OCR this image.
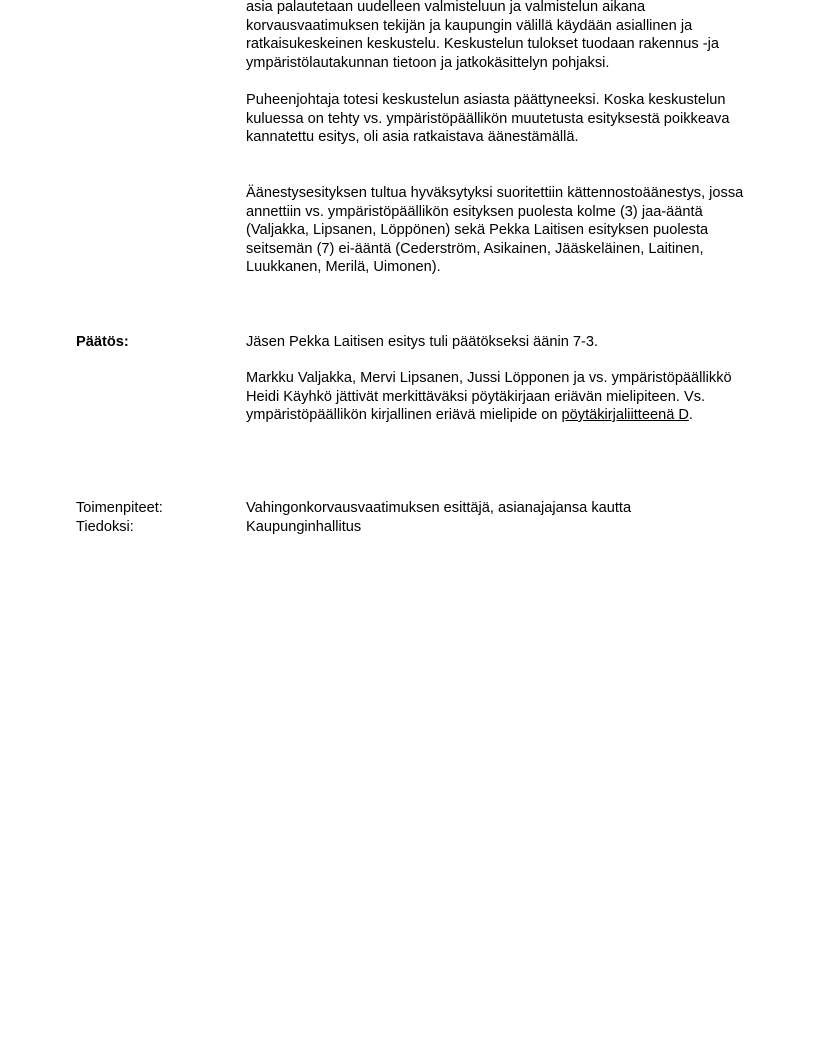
asia palautetaan uudelleen valmisteluun ja valmistelun aikana korvausvaatimuksen tekijän ja kaupungin välillä käydään asiallinen ja ratkaisukeskeinen keskustelu. Keskustelun tulokset tuodaan rakennus -ja ympäristölautakunnan tietoon ja jatkokäsittelyn pohjaksi.

Puheenjohtaja totesi keskustelun asiasta päättyneeksi. Koska keskustelun kuluessa on tehty vs. ympäristöpäällikön muutetusta esityksestä poikkeava kannatettu esitys, oli asia ratkaistava äänestämällä.

Äänestysesityksen tultua hyväksytyksi suoritettiin kättennostoäänestys, jossa annettiin vs. ympäristöpäällikön esityksen puolesta kolme (3) jaa-ääntä (Valjakka, Lipsanen, Löppönen) sekä Pekka Laitisen esityksen puolesta seitsemän (7) ei-ääntä (Cederström, Asikainen, Jääskeläinen, Laitinen, Luukkanen, Merilä, Uimonen).

Päätös:	Jäsen Pekka Laitisen esitys tuli päätökseksi äänin 7-3.

Markku Valjakka, Mervi Lipsanen, Jussi Löpponen ja vs. ympäristöpäällikkö Heidi Käyhkö jättivät merkittäväksi pöytäkirjaan eriävän mielipiteen. Vs. ympäristöpäällikön kirjallinen eriävä mielipide on pöytäkirjaliitteenä D.

Toimenpiteet:	Vahingonkorvausvaatimuksen esittäjä, asianajajansa kautta

Tiedoksi:	Kaupunginhallitus
